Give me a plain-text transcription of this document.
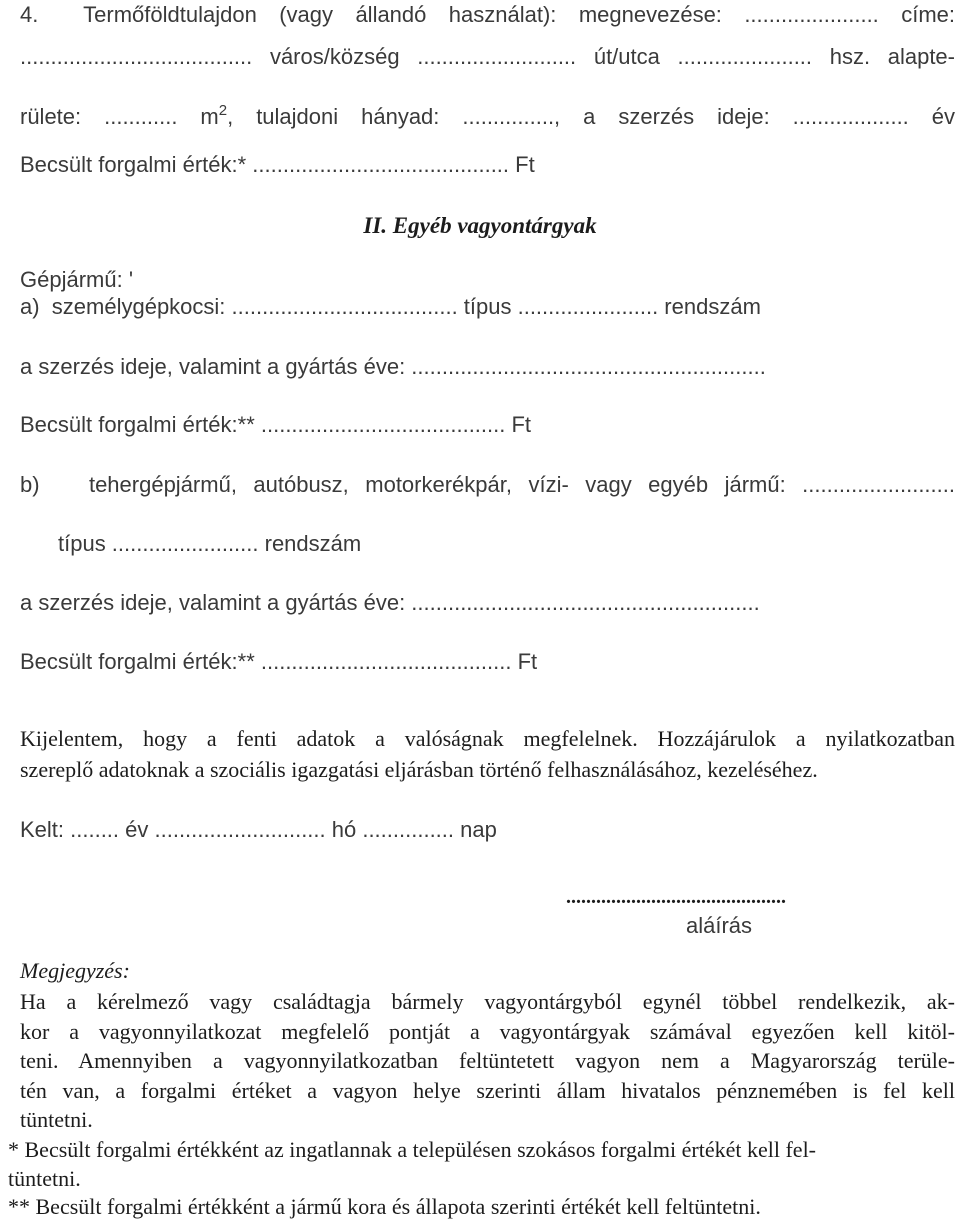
4.  Termőföldtulajdon (vagy állandó használat): megnevezése: ...................... címe:
...................................... város/község .......................... út/utca ...................... hsz. alapte-
rülete: ............ $m^2$, tulajdoni hányad: ..............., a szerzés ideje: ................... év
Becsült forgalmi érték:* .......................................... Ft
II. Egyéb vagyontárgyak
Gépjármű: '
a)  személygépkocsi: ..................................... típus ....................... rendszám
a szerzés ideje, valamint a gyártás éve: ..........................................................
Becsült forgalmi érték:** ........................................ Ft
b)   tehergépjármű, autóbusz, motorkerékpár, vízi- vagy egyéb jármű: .........................
típus ........................ rendszám
a szerzés ideje, valamint a gyártás éve: .........................................................
Becsült forgalmi érték:** ......................................... Ft
Kijelentem, hogy a fenti adatok a valóságnak megfelelnek. Hozzájárulok a nyilatkozatban
szereplő adatoknak a szociális igazgatási eljárásban történő felhasználásához, kezeléséhez.
Kelt: ........ év ............................ hó ............... nap
............................................
aláírás
Megjegyzés:
Ha a kérelmező vagy családtagja bármely vagyontárgyból egynél többel rendelkezik, ak-
kor a vagyonnyilatkozat megfelelő pontját a vagyontárgyak számával egyezően kell kitöl-
teni. Amennyiben a vagyonnyilatkozatban feltüntetett vagyon nem a Magyarország terüle-
tén van, a forgalmi értéket a vagyon helye szerinti állam hivatalos pénznemében is fel kell
tüntetni.
* Becsült forgalmi értékként az ingatlannak a településen szokásos forgalmi értékét kell fel-
tüntetni.
** Becsült forgalmi értékként a jármű kora és állapota szerinti értékét kell feltüntetni.
